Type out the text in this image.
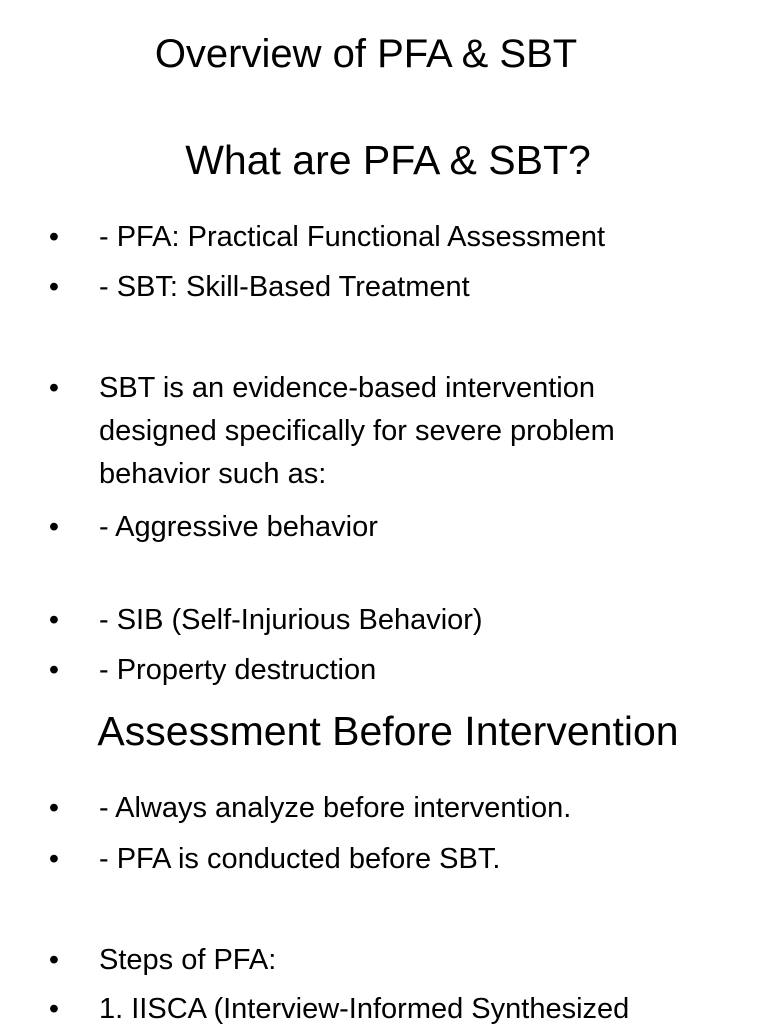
Overview of PFA & SBT
What are PFA & SBT?
• - PFA: Practical Functional Assessment
• - SBT: Skill-Based Treatment
• SBT is an evidence-based intervention designed specifically for severe problem behavior such as:
• - Aggressive behavior
• - SIB (Self-Injurious Behavior)
• - Property destruction
Assessment Before Intervention
• - Always analyze before intervention.
• - PFA is conducted before SBT.
• Steps of PFA:
• 1. IISCA (Interview-Informed Synthesized
